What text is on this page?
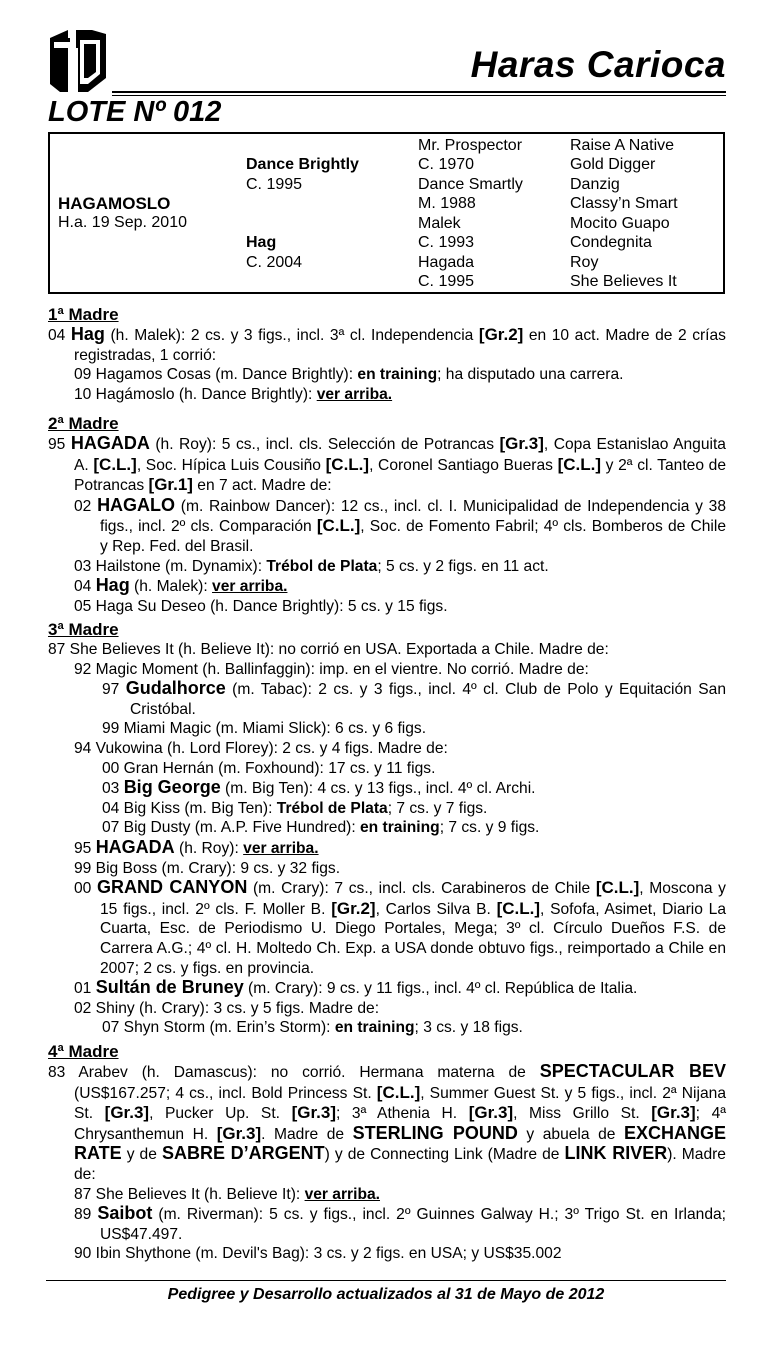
Haras Carioca
LOTE Nº 012
HAGAMOSLO
H.a. 19 Sep. 2010
Dance Brightly
C. 1995
Hag
C. 2004
Mr. Prospector
C. 1970
Dance Smartly
M. 1988
Malek
C. 1993
Hagada
C. 1995
Raise A Native
Gold Digger
Danzig
Classy’n Smart
Mocito Guapo
Condegnita
Roy
She Believes It
1ª Madre
04 Hag (h. Malek): 2 cs. y 3 figs., incl. 3ª cl. Independencia [Gr.2] en 10 act. Madre de 2 crías registradas, 1 corrió:
09 Hagamos Cosas (m. Dance Brightly): en training; ha disputado una carrera.
10 Hagámoslo (h. Dance Brightly): ver arriba.
2ª Madre
95 HAGADA (h. Roy): 5 cs., incl. cls. Selección de Potrancas [Gr.3], Copa Estanislao Anguita A. [C.L.], Soc. Hípica Luis Cousiño [C.L.], Coronel Santiago Bueras [C.L.] y 2ª cl. Tanteo de Potrancas [Gr.1] en 7 act. Madre de:
02 HAGALO (m. Rainbow Dancer): 12 cs., incl. cl. I. Municipalidad de Independencia y 38 figs., incl. 2º cls. Comparación [C.L.], Soc. de Fomento Fabril; 4º cls. Bomberos de Chile y Rep. Fed. del Brasil.
03 Hailstone (m. Dynamix): Trébol de Plata; 5 cs. y 2 figs. en 11 act.
04 Hag (h. Malek): ver arriba.
05 Haga Su Deseo (h. Dance Brightly): 5 cs. y 15 figs.
3ª Madre
87 She Believes It (h. Believe It): no corrió en USA. Exportada a Chile. Madre de:
92 Magic Moment (h. Ballinfaggin): imp. en el vientre. No corrió. Madre de:
97 Gudalhorce (m. Tabac): 2 cs. y 3 figs., incl. 4º cl. Club de Polo y Equitación San Cristóbal.
99 Miami Magic (m. Miami Slick): 6 cs. y 6 figs.
94 Vukowina (h. Lord Florey): 2 cs. y 4 figs. Madre de:
00 Gran Hernán (m. Foxhound): 17 cs. y 11 figs.
03 Big George (m. Big Ten): 4 cs. y 13 figs., incl. 4º cl. Archi.
04 Big Kiss (m. Big Ten): Trébol de Plata; 7 cs. y 7 figs.
07 Big Dusty (m. A.P. Five Hundred): en training; 7 cs. y 9 figs.
95 HAGADA (h. Roy): ver arriba.
99 Big Boss (m. Crary): 9 cs. y 32 figs.
00 GRAND CANYON (m. Crary): 7 cs., incl. cls. Carabineros de Chile [C.L.], Moscona y 15 figs., incl. 2º cls. F. Moller B. [Gr.2], Carlos Silva B. [C.L.], Sofofa, Asimet, Diario La Cuarta, Esc. de Periodismo U. Diego Portales, Mega; 3º cl. Círculo Dueños F.S. de Carrera A.G.; 4º cl. H. Moltedo Ch. Exp. a USA donde obtuvo figs., reimportado a Chile en 2007; 2 cs. y figs. en provincia.
01 Sultán de Bruney (m. Crary): 9 cs. y 11 figs., incl. 4º cl. República de Italia.
02 Shiny (h. Crary): 3 cs. y 5 figs. Madre de:
07 Shyn Storm (m. Erin’s Storm): en training; 3 cs. y 18 figs.
4ª Madre
83 Arabev (h. Damascus): no corrió. Hermana materna de SPECTACULAR BEV (US$167.257; 4 cs., incl. Bold Princess St. [C.L.], Summer Guest St. y 5 figs., incl. 2ª Nijana St. [Gr.3], Pucker Up. St. [Gr.3]; 3ª Athenia H. [Gr.3], Miss Grillo St. [Gr.3]; 4ª Chrysanthemun H. [Gr.3]. Madre de STERLING POUND y abuela de EXCHANGE RATE y de SABRE D’ARGENT) y de Connecting Link (Madre de LINK RIVER). Madre de:
87 She Believes It (h. Believe It): ver arriba.
89 Saibot (m. Riverman): 5 cs. y figs., incl. 2º Guinnes Galway H.; 3º Trigo St. en Irlanda; US$47.497.
90 Ibin Shythone (m. Devil's Bag): 3 cs. y 2 figs. en USA; y US$35.002
Pedigree y Desarrollo actualizados al 31 de Mayo de 2012
